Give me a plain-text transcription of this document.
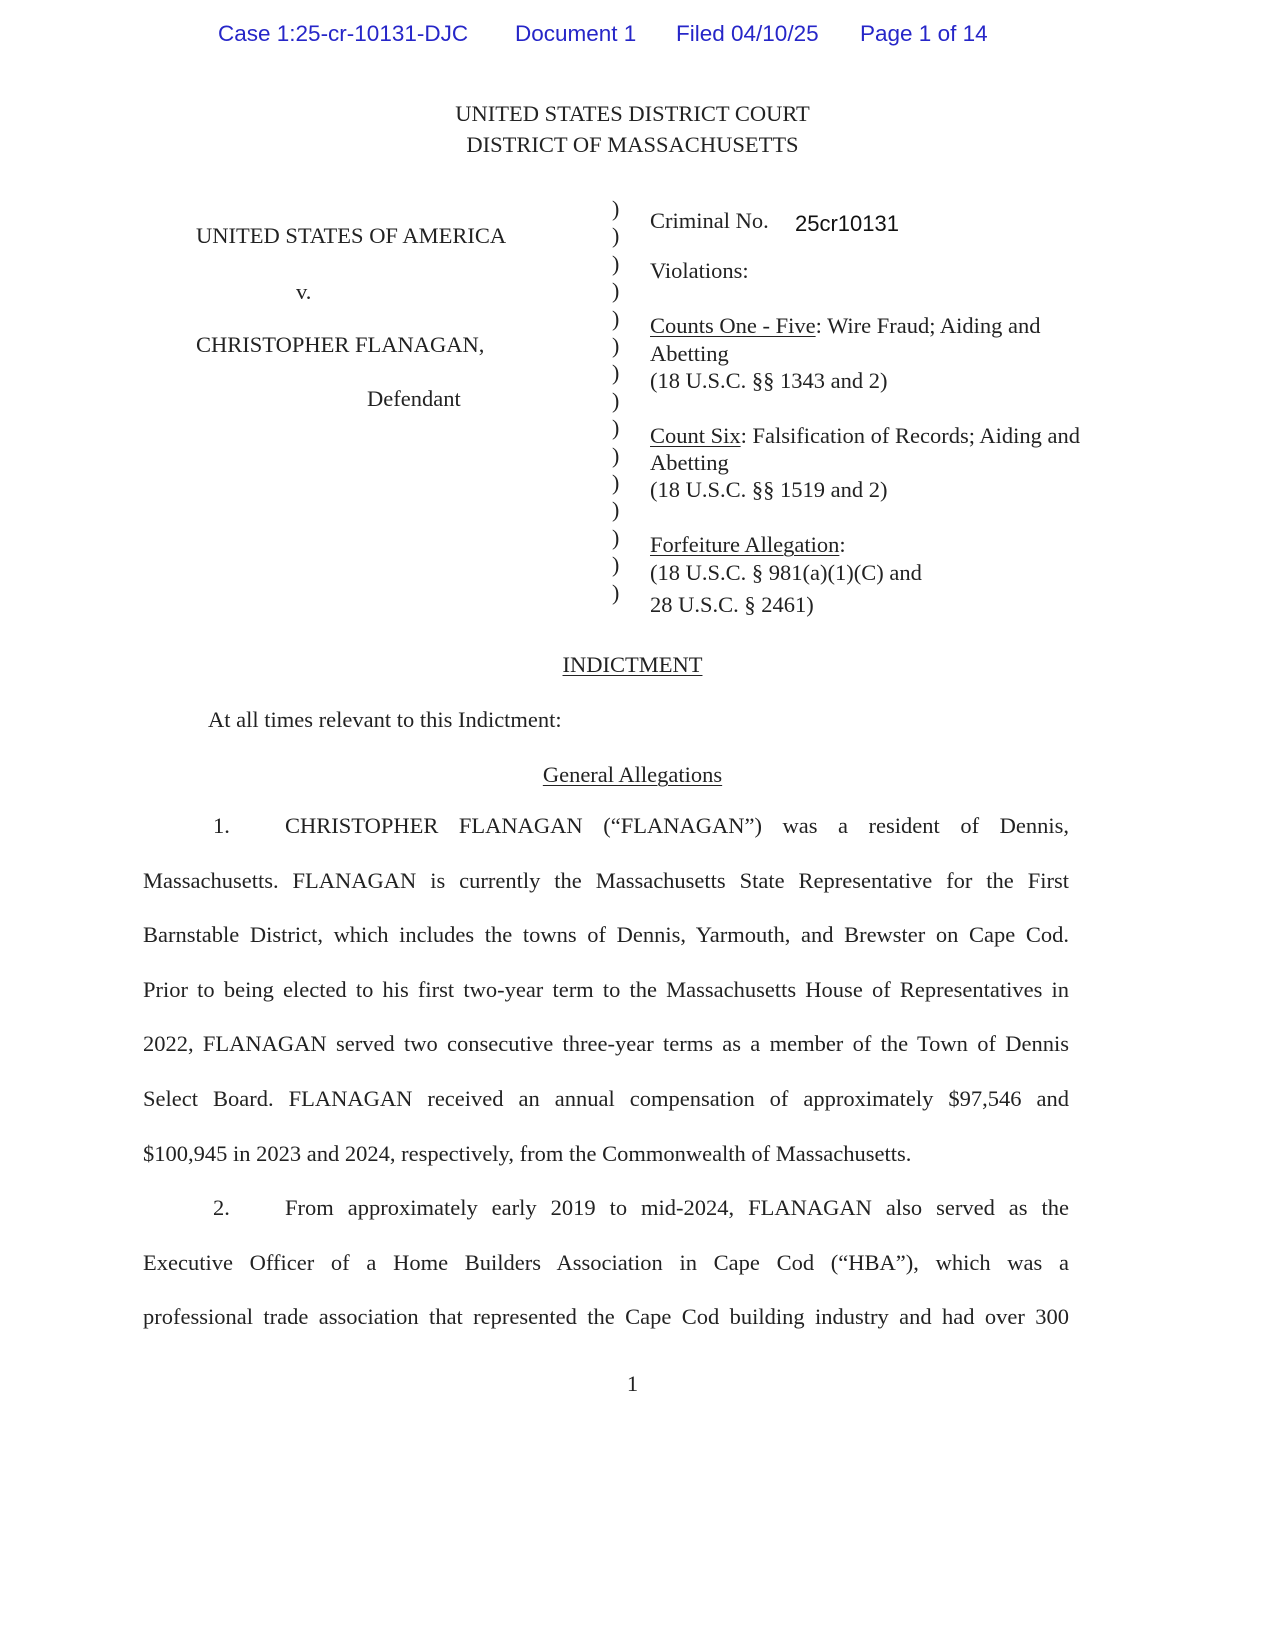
Case 1:25-cr-10131-DJC Document 1 Filed 04/10/25 Page 1 of 14
UNITED STATES DISTRICT COURT
DISTRICT OF MASSACHUSETTS
UNITED STATES OF AMERICA
v.
CHRISTOPHER FLANAGAN,
Defendant
)
)
)
)
)
)
)
)
)
)
)
)
)
)
)
Criminal No. 25cr10131
Violations:
Counts One - Five: Wire Fraud; Aiding and
Abetting
(18 U.S.C. §§ 1343 and 2)
Count Six: Falsification of Records; Aiding and
Abetting
(18 U.S.C. §§ 1519 and 2)
Forfeiture Allegation:
(18 U.S.C. § 981(a)(1)(C) and
28 U.S.C. § 2461)
INDICTMENT
At all times relevant to this Indictment:
General Allegations
1. CHRISTOPHER FLANAGAN (“FLANAGAN”) was a resident of Dennis,
Massachusetts. FLANAGAN is currently the Massachusetts State Representative for the First
Barnstable District, which includes the towns of Dennis, Yarmouth, and Brewster on Cape Cod.
Prior to being elected to his first two-year term to the Massachusetts House of Representatives in
2022, FLANAGAN served two consecutive three-year terms as a member of the Town of Dennis
Select Board. FLANAGAN received an annual compensation of approximately $97,546 and
$100,945 in 2023 and 2024, respectively, from the Commonwealth of Massachusetts.
2. From approximately early 2019 to mid-2024, FLANAGAN also served as the
Executive Officer of a Home Builders Association in Cape Cod (“HBA”), which was a
professional trade association that represented the Cape Cod building industry and had over 300
1
